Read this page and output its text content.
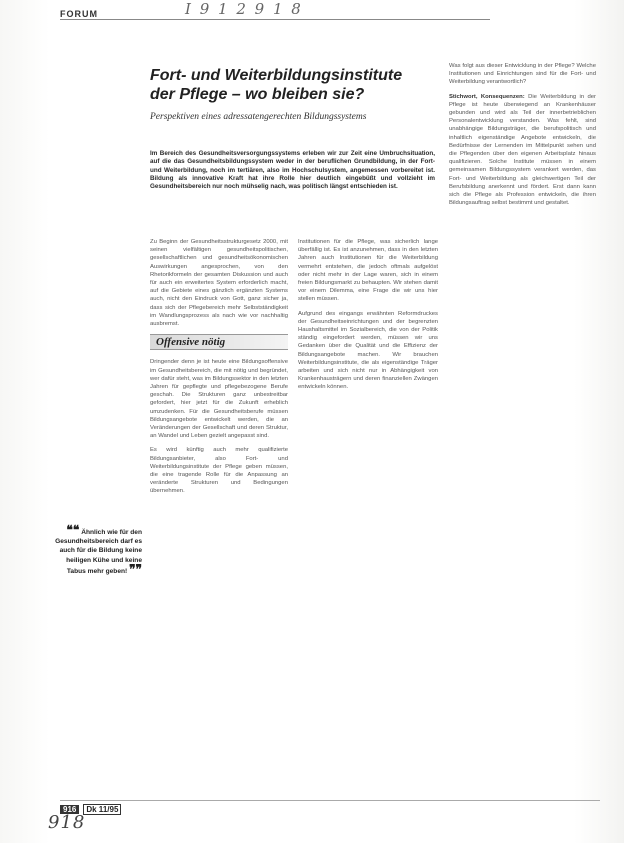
FORUM	I 9 1 2 9 1 8
Fort- und Weiterbildungsinstitute der Pflege – wo bleiben sie?
Perspektiven eines adressatengerechten Bildungssystems
Im Bereich des Gesundheitsversorgungssystems erleben wir zur Zeit eine Umbruchsituation, auf die das Gesundheitsbildungssystem weder in der beruflichen Grundbildung, in der Fort- und Weiterbildung, noch im tertiären, also im Hochschulsystem, angemessen vorbereitet ist. Bildung als innovative Kraft hat ihre Rolle hier deutlich eingebüßt und vollzieht im Gesundheitsbereich nur noch mühselig nach, was politisch längst entschieden ist.

Zu Beginn der Gesundheitsstrukturgesetz 2000, mit seinen vielfältigen gesundheitspolitischen, gesellschaftlichen und gesundheitsökonomischen Auswirkungen angesprochen, von den Rhetorikformeln der gesamten Diskussion und auch für auch ein erweitertes System erforderlich macht, auf die Gebiete eines gänzlich ergänzten Systems auch, nicht den Eindruck von Gott, ganz sicher ja, dass sich der Pflegebereich mehr Selbstständigkeit im Wandlungsprozess als nach wie vor nachhaltig ausbremst.

Offensive nötig

Dringender denn je ist heute eine Bildungsoffensive im Gesundheitsbereich, die mit nötig und begründet, wer dafür steht, was im Bildungssektor in den letzten Jahren für gepflegte und pflegebezogene Berufe geschah. Die Strukturen ganz unbestreitbar gefordert, hier jetzt für die Zukunft erheblich umzudenken. Für die Gesundheitsberufe müssen Bildungsangebote entwickelt werden, die an Veränderungen der Gesellschaft und deren Struktur, an Wandel und Leben gezielt angepasst sind.

Es wird künftig auch mehr qualifizierte Bildungsanbieter, also Fort- und Weiterbildungsinstitute der Pflege geben müssen, die eine tragende Rolle für die Anpassung an veränderte Strukturen und Bedingungen übernehmen.

Institutionen für die Pflege, was sicherlich lange überfällig ist. Es ist anzunehmen, dass in den letzten Jahren auch Institutionen für die Weiterbildung vermehrt entstehen, die jedoch oftmals aufgelöst oder nicht mehr in der Lage waren, sich in einem freien Bildungsmarkt zu behaupten. Wir stehen damit vor einem Dilemma, eine Frage die wir uns hier stellen müssen.

Aufgrund des eingangs erwähnten Reformdruckes der Gesundheitseinrichtungen und der begrenzten Haushaltsmittel im Sozialbereich, die von der Politik ständig eingefordert werden, müssen wir uns Gedanken über die Qualität und die Effizienz der Bildungsangebote machen. Wir brauchen Weiterbildungsinstitute, die als eigenständige Träger arbeiten und sich nicht nur in Abhängigkeit von Krankenhausträgern und deren finanziellen Zwängen entwickeln können.

Was folgt aus dieser Entwicklung in der Pflege? Welche Institutionen und Einrichtungen sind für die Fort- und Weiterbildung verantwortlich?

Stichwort, Konsequenzen: Die Weiterbildung in der Pflege ist heute überwiegend an Krankenhäuser gebunden und wird als Teil der innerbetrieblichen Personalentwicklung verstanden. Was fehlt, sind unabhängige Bildungsträger, die berufspolitisch und inhaltlich eigenständige Angebote entwickeln, die Bedürfnisse der Lernenden im Mittelpunkt sehen und die Pflegenden über den eigenen Arbeitsplatz hinaus qualifizieren. Solche Institute müssen in einem gemeinsamen Bildungssystem verankert werden, das Fort- und Weiterbildung als gleichwertigen Teil der Berufsbildung anerkennt und fördert. Erst dann kann sich die Pflege als Profession entwickeln, die ihren Bildungsauftrag selbst bestimmt und gestaltet.

❝❝ Ähnlich wie für den Gesundheitsbereich darf es auch für die Bildung keine heiligen Kühe und keine Tabus mehr geben! ❞❞
916	Dk 11/95
918
